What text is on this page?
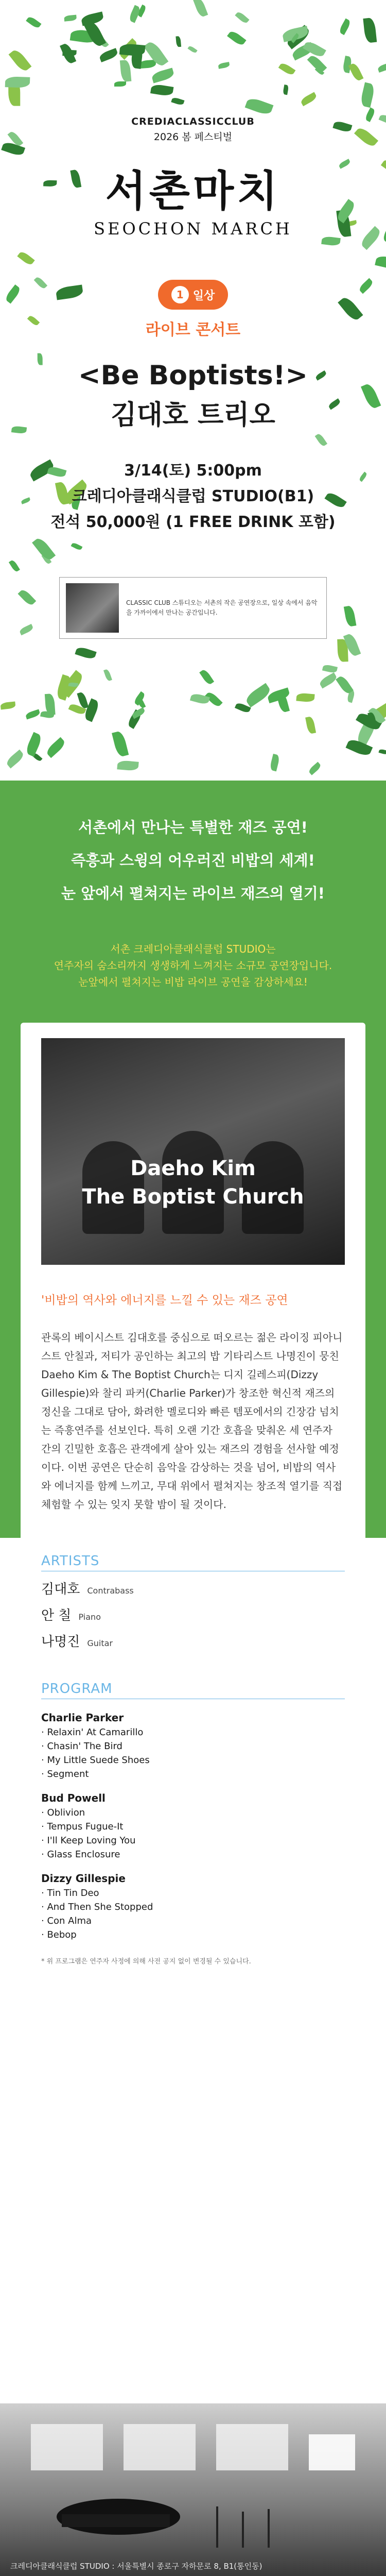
CREDIACLASSICCLUB
2026 봄 페스티벌
서촌마치
SEOCHON MARCH
1 일상
라이브 콘서트
<Be Boptists!>
김대호 트리오
3/14(토) 5:00pm
크레디아클래식클럽 STUDIO(B1)
전석 50,000원 (1 FREE DRINK 포함)
CLASSIC CLUB 스튜디오는 서촌의 작은 공연장으로, 일상 속에서 음악을 가까이에서 만나는 공간입니다.
서촌에서 만나는 특별한 재즈 공연!
즉흥과 스윙의 어우러진 비밥의 세계!
눈 앞에서 펼쳐지는 라이브 재즈의 열기!
서촌 크레디아클래식클럽 STUDIO는
연주자의 숨소리까지 생생하게 느껴지는 소규모 공연장입니다.
눈앞에서 펼쳐지는 비밥 라이브 공연을 감상하세요!
Daeho Kim
The Boptist Church
'비밥의 역사와 에너지를 느낄 수 있는 재즈 공연
관록의 베이시스트 김대호를 중심으로 떠오르는 젊은 라이징 피아니스트 안칠과, 저티가 공인하는 최고의 밥 기타리스트 나명진이 뭉친 Daeho Kim & The Boptist Church는 디지 길레스피(Dizzy Gillespie)와 찰리 파커(Charlie Parker)가 창조한 혁신적 재즈의 정신을 그대로 담아, 화려한 멜로디와 빠른 템포에서의 긴장감 넘치는 즉흥연주를 선보인다. 특히 오랜 기간 호흡을 맞춰온 세 연주자 간의 긴밀한 호흡은 관객에게 살아 있는 재즈의 경험을 선사할 예정이다. 이번 공연은 단순히 음악을 감상하는 것을 넘어, 비밥의 역사와 에너지를 함께 느끼고, 무대 위에서 펼쳐지는 창조적 열기를 직접 체험할 수 있는 잊지 못할 밤이 될 것이다.
ARTISTS
김대호 Contrabass
안 칠 Piano
나명진 Guitar
PROGRAM
Charlie Parker
· Relaxin' At Camarillo
· Chasin' The Bird
· My Little Suede Shoes
· Segment
Bud Powell
· Oblivion
· Tempus Fugue-It
· I'll Keep Loving You
· Glass Enclosure
Dizzy Gillespie
· Tin Tin Deo
· And Then She Stopped
· Con Alma
· Bebop
* 위 프로그램은 연주자 사정에 의해 사전 공지 없이 변경될 수 있습니다.
크레디아클래식클럽 STUDIO : 서울특별시 종로구 자하문로 8, B1(통인동)
